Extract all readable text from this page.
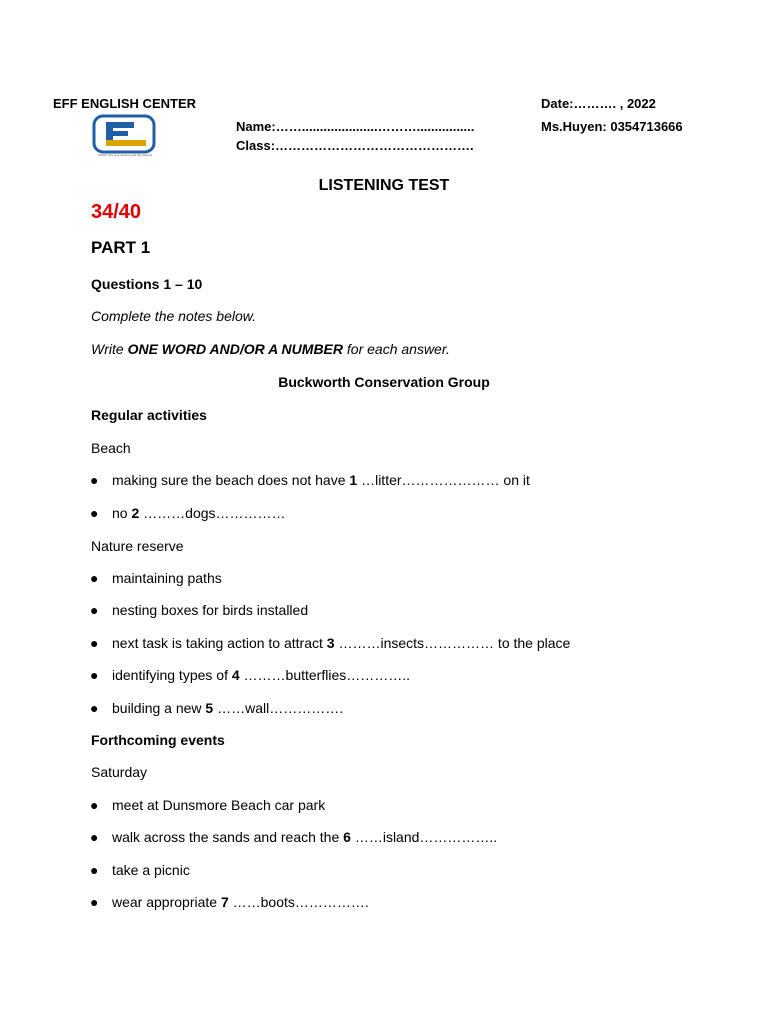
EFF ENGLISH CENTER	Date:………. , 2022
Name:…….....................………................	Ms.Huyen: 0354713666
Class:……………………………………….
CRAFT the your dreams and the dreams
LISTENING TEST
34/40
PART 1
Questions 1 – 10
Complete the notes below.
Write ONE WORD AND/OR A NUMBER for each answer.
Buckworth Conservation Group
Regular activities
Beach
● making sure the beach does not have 1 …litter………………… on it
● no 2 ………dogs……………
Nature reserve
● maintaining paths
● nesting boxes for birds installed
● next task is taking action to attract 3 ………insects…………… to the place
● identifying types of 4 ………butterflies…………..
● building a new 5 ……wall…………….
Forthcoming events
Saturday
● meet at Dunsmore Beach car park
● walk across the sands and reach the 6 ……island……………..
● take a picnic
● wear appropriate 7 ……boots…………….
